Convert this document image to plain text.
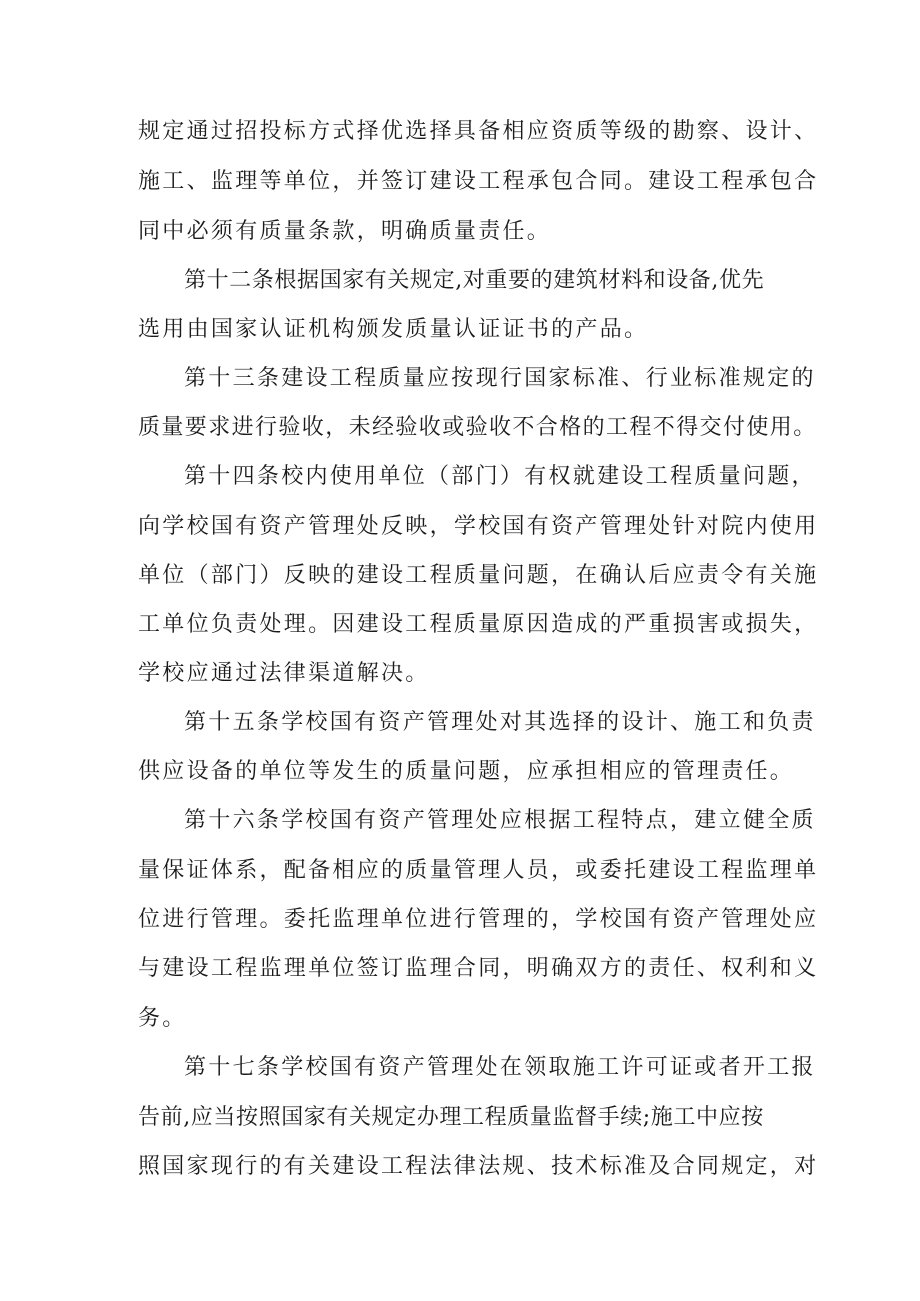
规定通过招投标方式择优选择具备相应资质等级的勘察、设计、
施工、监理等单位，并签订建设工程承包合同。建设工程承包合
同中必须有质量条款，明确质量责任。
第十二条根据国家有关规定,对重要的建筑材料和设备,优先
选用由国家认证机构颁发质量认证证书的产品。
第十三条建设工程质量应按现行国家标准、行业标准规定的
质量要求进行验收，未经验收或验收不合格的工程不得交付使用。
第十四条校内使用单位（部门）有权就建设工程质量问题，
向学校国有资产管理处反映，学校国有资产管理处针对院内使用
单位（部门）反映的建设工程质量问题，在确认后应责令有关施
工单位负责处理。因建设工程质量原因造成的严重损害或损失，
学校应通过法律渠道解决。
第十五条学校国有资产管理处对其选择的设计、施工和负责
供应设备的单位等发生的质量问题，应承担相应的管理责任。
第十六条学校国有资产管理处应根据工程特点，建立健全质
量保证体系，配备相应的质量管理人员，或委托建设工程监理单
位进行管理。委托监理单位进行管理的，学校国有资产管理处应
与建设工程监理单位签订监理合同，明确双方的责任、权利和义
务。
第十七条学校国有资产管理处在领取施工许可证或者开工报
告前,应当按照国家有关规定办理工程质量监督手续;施工中应按
照国家现行的有关建设工程法律法规、技术标准及合同规定，对
